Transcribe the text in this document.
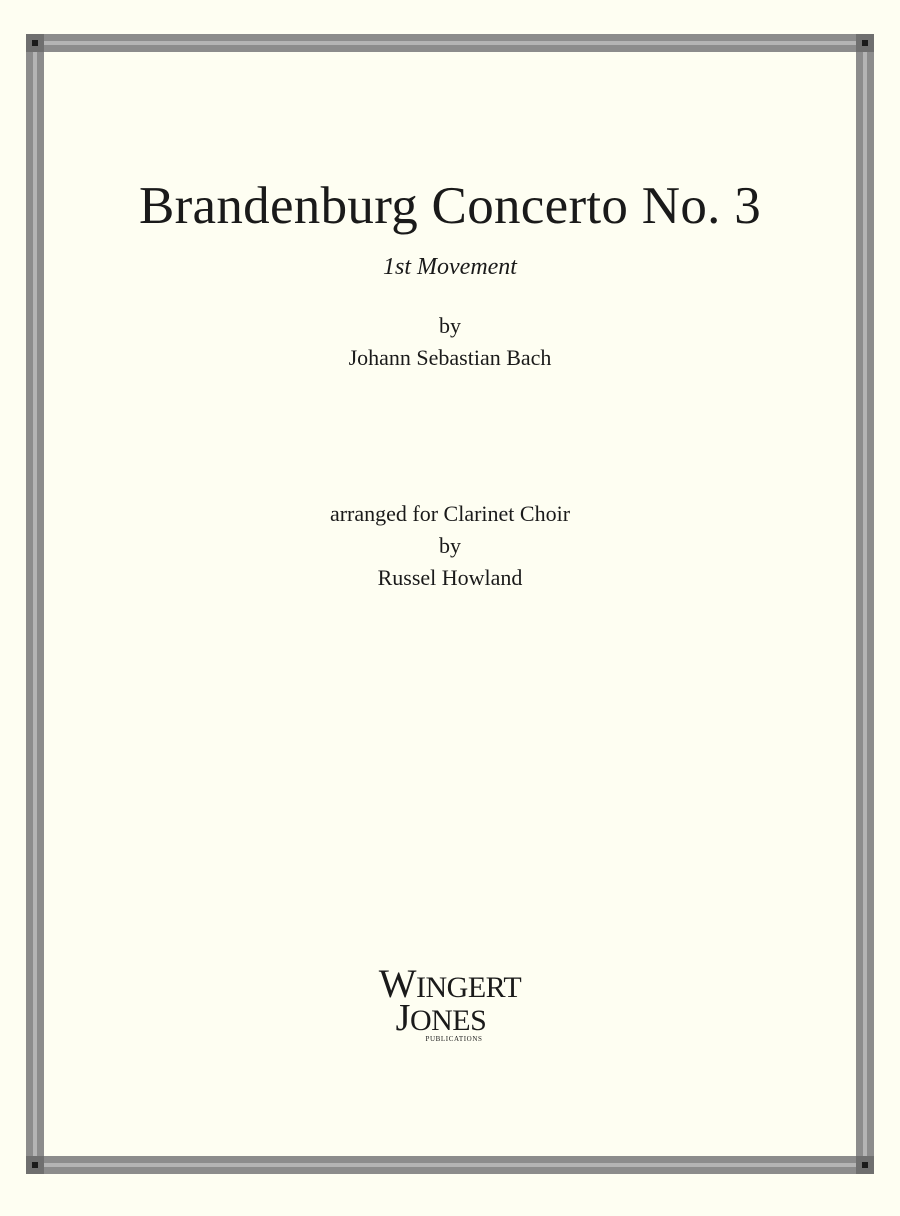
Brandenburg Concerto No. 3
1st Movement
by
Johann Sebastian Bach
arranged for Clarinet Choir
by
Russel Howland
WINGERT
JONES
PUBLICATIONS
